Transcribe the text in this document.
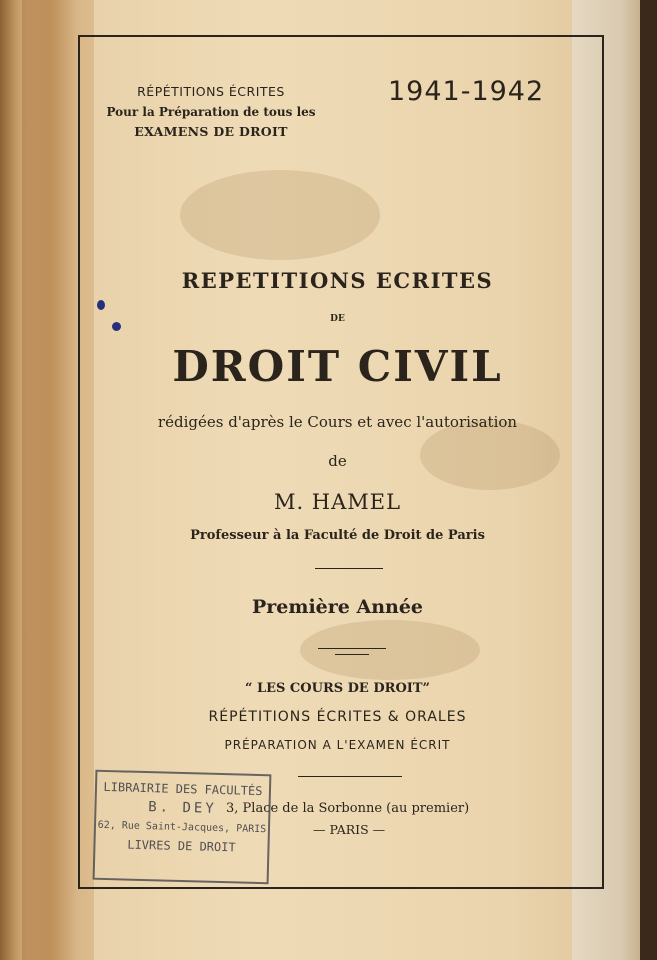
RÉPÉTITIONS ÉCRITES
Pour la Préparation de tous les
EXAMENS DE DROIT
1941-1942
REPETITIONS ECRITES
DE
DROIT CIVIL
rédigées d'après le Cours et avec l'autorisation
de
M. HAMEL
Professeur à la Faculté de Droit de Paris
Première Année
“ LES COURS DE DROIT”
RÉPÉTITIONS ÉCRITES & ORALES
PRÉPARATION A L'EXAMEN ÉCRIT
3, Place de la Sorbonne (au premier)
— PARIS —
LIBRAIRIE DES FACULTÉS
B. DEY
62, Rue Saint-Jacques, PARIS
LIVRES DE DROIT
